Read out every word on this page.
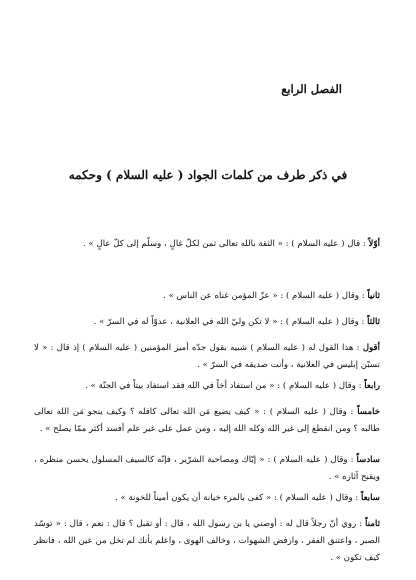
الفصل الرابع
في ذكر طرف من كلمات الجواد ( عليه السلام ) وحكمه
أوّلاً : قال ( عليه السلام ) : « الثقة بالله تعالى ثمن لكلّ غالٍ ، وسلّم إلى كلّ عالٍ » .
ثانياً : وقال ( عليه السلام ) : « عزّ المؤمن غناه عن الناس » .
ثالثاً : وقال ( عليه السلام ) : « لا تكن وليّ الله في العلانية ، عدوّاً له في السرّ » .
أقول : هذا القول له ( عليه السلام ) شبيه بقول جدّه أمير المؤمنين ( عليه السلام ) إذ قال : « لا تسبّن إبليس في العلانية ، وأنت صديقه في السرّ » .
رابعاً : وقال ( عليه السلام ) : « من استفاد أخاً في الله فقد استفاد بيتاً في الجنّة » .
خامساً : وقال ( عليه السلام ) : « كيف يضيع مَن الله تعالى كافله ؟ وكيف ينجو مَن الله تعالى طالبه ؟ ومن انقطع إلى غير الله وكله الله إليه ، ومن عمل على غير علم أفسد أكثر ممّا يصلح » .
سادساً : وقال ( عليه السلام ) : « إيّاك ومصاحبة الشرّير ، فإنّه كالسيف المسلول يحسن منظره ، ويقبح آثاره » .
سابعاً : وقال ( عليه السلام ) : « كفى بالمرء خيانة أن يكون أميناً للخونة » .
ثامناً : روي أنّ رجلاً قال له : أوصني يا بن رسول الله ، قال : أو تقبل ؟ قال : نعم ، قال : « توسّد الصبر ، واعتنق الفقر ، وارفض الشهوات ، وخالف الهوى ، واعلم بأنك لم تخل من عين الله ، فانظر كيف تكون » .
